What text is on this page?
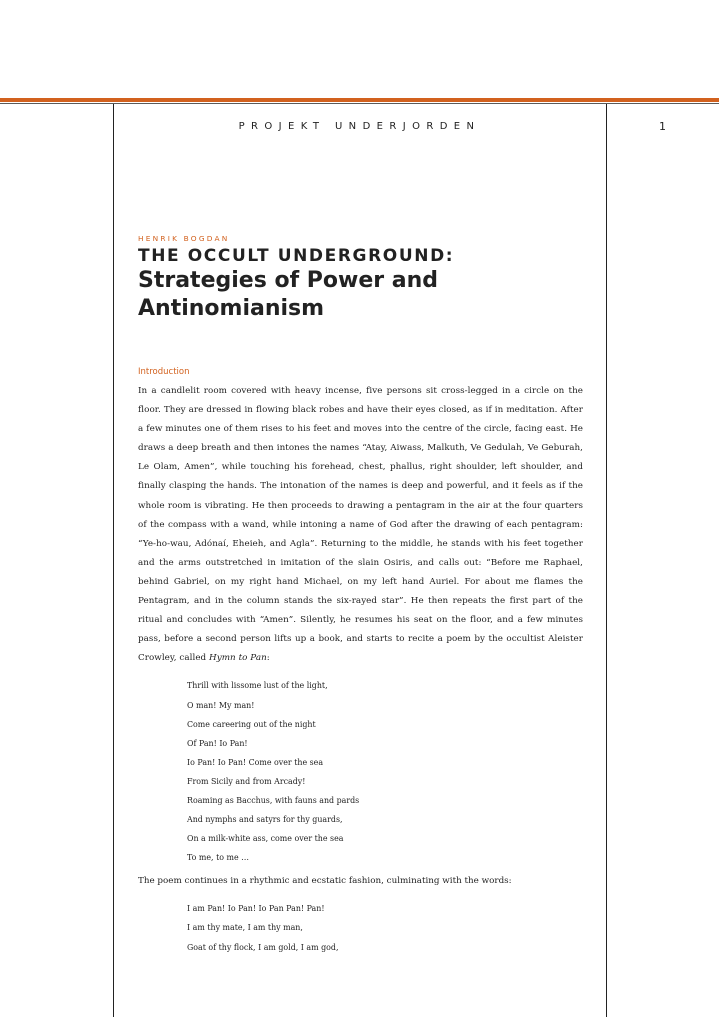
PROJEKT UNDERJORDEN	1

HENRIK BOGDAN

THE OCCULT UNDERGROUND:
Strategies of Power and Antinomianism

Introduction

In a candlelit room covered with heavy incense, five persons sit cross-legged in a circle on the floor. They are dressed in flowing black robes and have their eyes closed, as if in meditation. After a few minutes one of them rises to his feet and moves into the centre of the circle, facing east. He draws a deep breath and then intones the names “Atay, Aiwass, Malkuth, Ve Gedulah, Ve Geburah, Le Olam, Amen”, while touching his forehead, chest, phallus, right shoulder, left shoulder, and finally clasping the hands. The intonation of the names is deep and powerful, and it feels as if the whole room is vibrating. He then proceeds to drawing a pentagram in the air at the four quarters of the compass with a wand, while intoning a name of God after the drawing of each pentagram: “Ye-ho-wau, Adónaí, Eheieh, and Agla”. Returning to the middle, he stands with his feet together and the arms outstretched in imitation of the slain Osiris, and calls out: “Before me Raphael, behind Gabriel, on my right hand Michael, on my left hand Auriel. For about me flames the Pentagram, and in the column stands the six-rayed star”. He then repeats the first part of the ritual and concludes with “Amen”. Silently, he resumes his seat on the floor, and a few minutes pass, before a second person lifts up a book, and starts to recite a poem by the occultist Aleister Crowley, called Hymn to Pan:

Thrill with lissome lust of the light,
O man! My man!
Come careering out of the night
Of Pan! Io Pan!
Io Pan! Io Pan! Come over the sea
From Sicily and from Arcady!
Roaming as Bacchus, with fauns and pards
And nymphs and satyrs for thy guards,
On a milk-white ass, come over the sea
To me, to me …

The poem continues in a rhythmic and ecstatic fashion, culminating with the words:

I am Pan! Io Pan! Io Pan Pan! Pan!
I am thy mate, I am thy man,
Goat of thy flock, I am gold, I am god,
